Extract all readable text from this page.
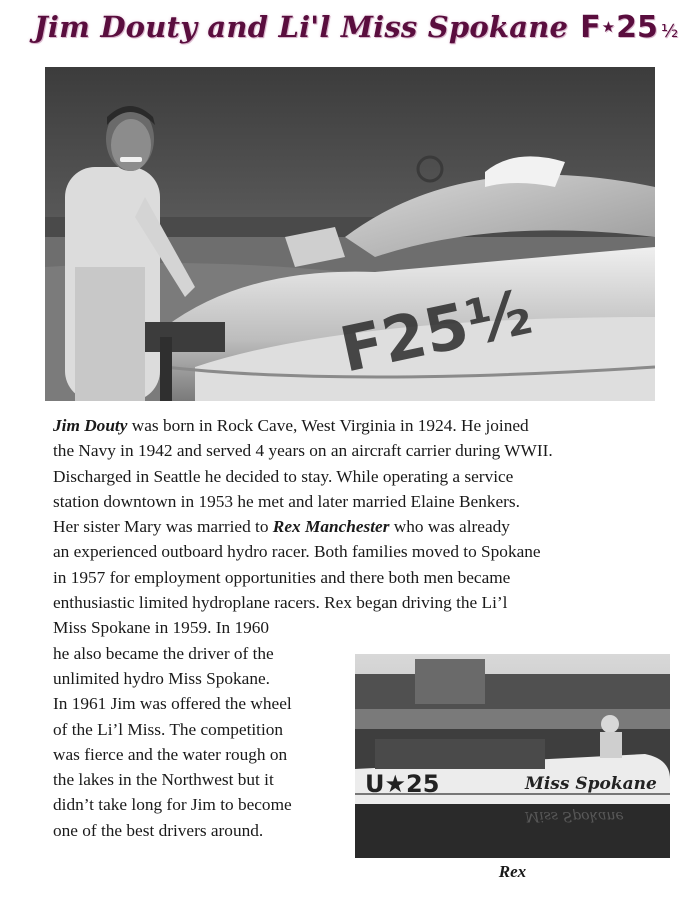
Jim Douty and Li'l Miss Spokane F★25 ½
F25½
Jim Douty was born in Rock Cave, West Virginia in 1924. He joined
the Navy in 1942 and served 4 years on an aircraft carrier during WWII.
Discharged in Seattle he decided to stay. While operating a service
station downtown in 1953 he met and later married Elaine Benkers.
Her sister Mary was married to Rex Manchester who was already
an experienced outboard hydro racer. Both families moved to Spokane
in 1957 for employment opportunities and there both men became
enthusiastic limited hydroplane racers. Rex began driving the Li’l
Miss Spokane in 1959. In 1960
he also became the driver of the
unlimited hydro Miss Spokane.
In 1961 Jim was offered the wheel
of the Li’l Miss. The competition
was fierce and the water rough on
the lakes in the Northwest but it
didn’t take long for Jim to become
one of the best drivers around.
U★25	Miss Spokane
Miss Spokane
Rex
